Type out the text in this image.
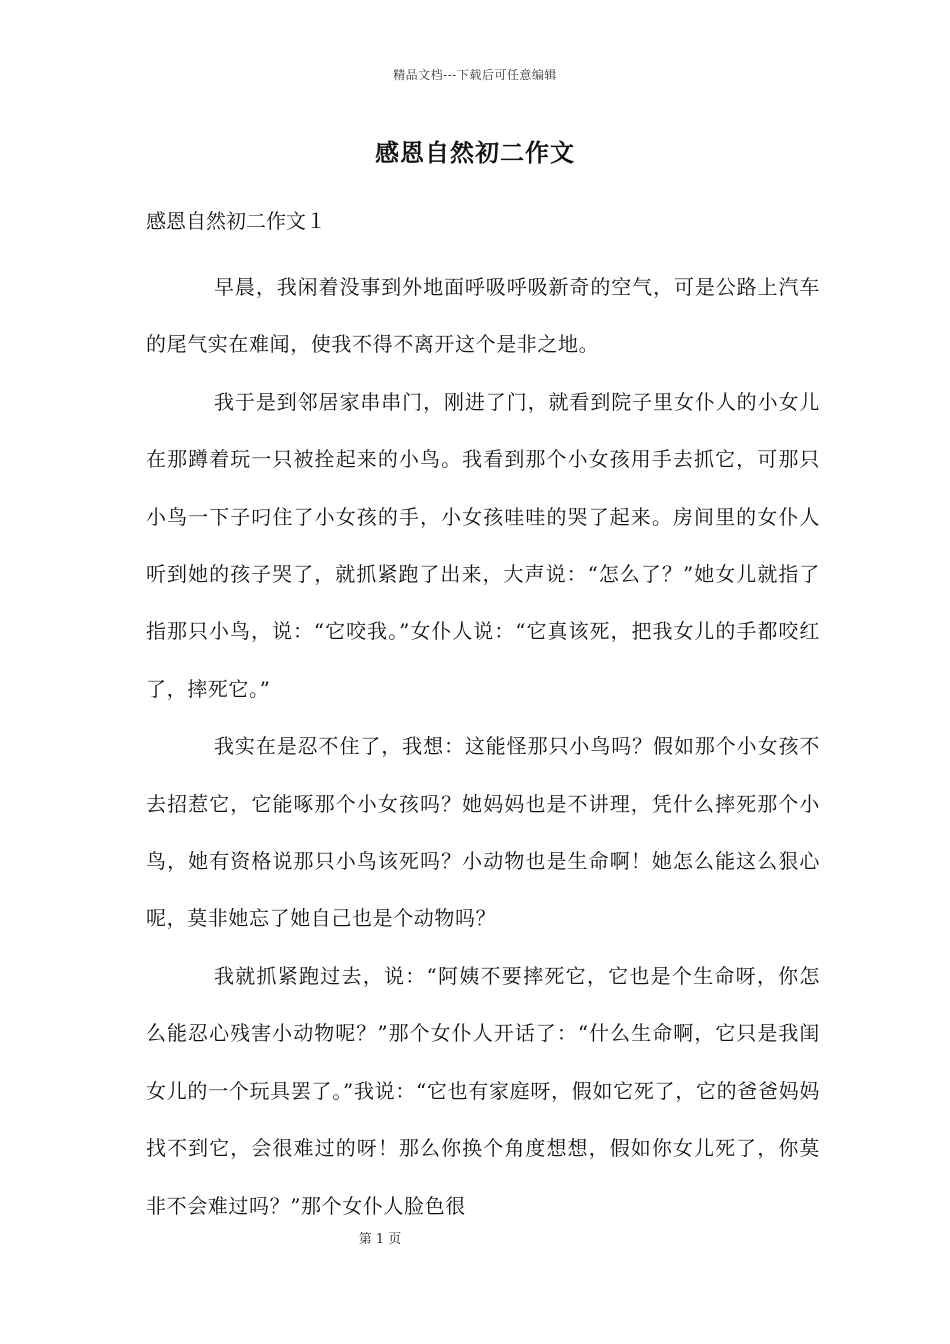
精品文档---下载后可任意编辑
感恩自然初二作文
感恩自然初二作文１

早晨，我闲着没事到外地面呼吸呼吸新奇的空气，可是公路上汽车的尾气实在难闻，使我不得不离开这个是非之地。

我于是到邻居家串串门，刚进了门，就看到院子里女仆人的小女儿在那蹲着玩一只被拴起来的小鸟。我看到那个小女孩用手去抓它，可那只小鸟一下子叼住了小女孩的手，小女孩哇哇的哭了起来。房间里的女仆人听到她的孩子哭了，就抓紧跑了出来，大声说：“怎么了？”她女儿就指了指那只小鸟，说：“它咬我。”女仆人说：“它真该死，把我女儿的手都咬红了，摔死它。”

我实在是忍不住了，我想：这能怪那只小鸟吗？假如那个小女孩不去招惹它，它能啄那个小女孩吗？她妈妈也是不讲理，凭什么摔死那个小鸟，她有资格说那只小鸟该死吗？小动物也是生命啊！她怎么能这么狠心呢，莫非她忘了她自己也是个动物吗？

我就抓紧跑过去，说：“阿姨不要摔死它，它也是个生命呀，你怎么能忍心残害小动物呢？”那个女仆人开话了：“什么生命啊，它只是我闺女儿的一个玩具罢了。”我说：“它也有家庭呀，假如它死了，它的爸爸妈妈找不到它，会很难过的呀！那么你换个角度想想，假如你女儿死了，你莫非不会难过吗？”那个女仆人脸色很

第 1 页
